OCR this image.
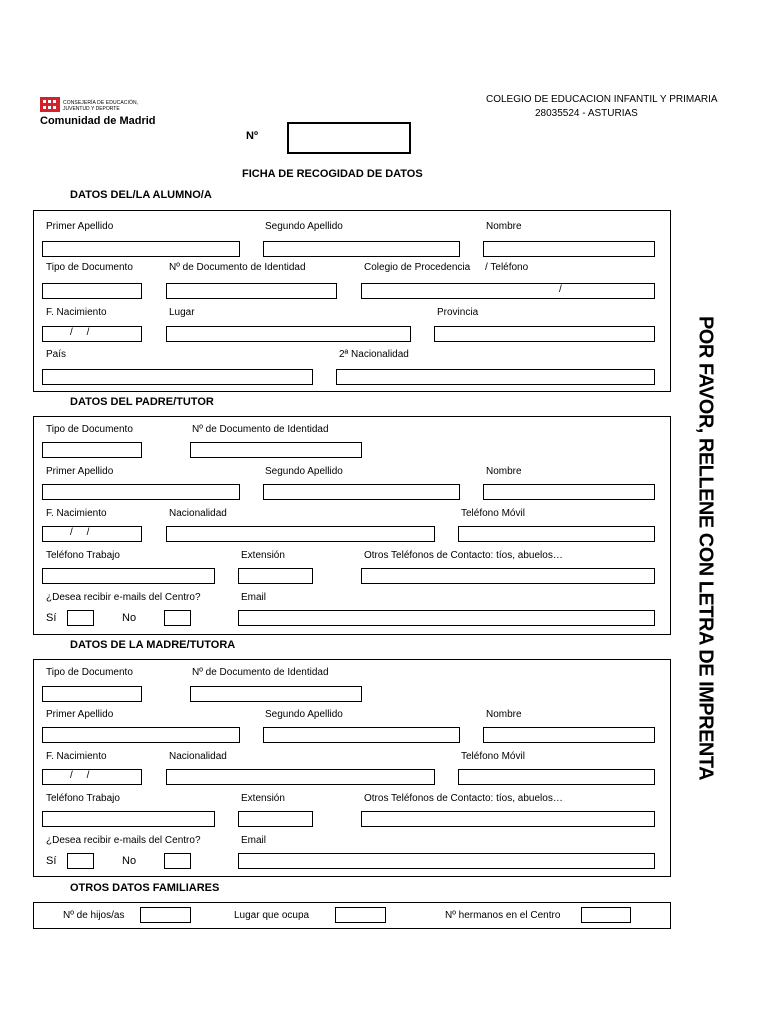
CONSEJERÍA DE EDUCACIÓN,
JUVENTUD Y DEPORTE
Comunidad de Madrid
COLEGIO DE EDUCACION INFANTIL Y PRIMARIA
28035524 - ASTURIAS
Nº
FICHA DE RECOGIDAD DE DATOS
POR FAVOR, RELLENE CON LETRA DE IMPRENTA
DATOS DEL/LA ALUMNO/A
Primer Apellido	Segundo Apellido	Nombre
Tipo de Documento	Nº de Documento de Identidad	Colegio de Procedencia / Teléfono
/
F. Nacimiento	Lugar	Provincia
/     /
País	2ª Nacionalidad
DATOS DEL PADRE/TUTOR
Tipo de Documento	Nº de Documento de Identidad
Primer Apellido	Segundo Apellido	Nombre
F. Nacimiento	Nacionalidad	Teléfono Móvil
/     /
Teléfono Trabajo	Extensión	Otros Teléfonos de Contacto: tíos, abuelos…
¿Desea recibir e-mails del Centro?	Email
Sí	No
DATOS DE LA MADRE/TUTORA
Tipo de Documento	Nº de Documento de Identidad
Primer Apellido	Segundo Apellido	Nombre
F. Nacimiento	Nacionalidad	Teléfono Móvil
/     /
Teléfono Trabajo	Extensión	Otros Teléfonos de Contacto: tíos, abuelos…
¿Desea recibir e-mails del Centro?	Email
Sí	No
OTROS DATOS FAMILIARES
Nº de hijos/as	Lugar que ocupa	Nº hermanos en el Centro
